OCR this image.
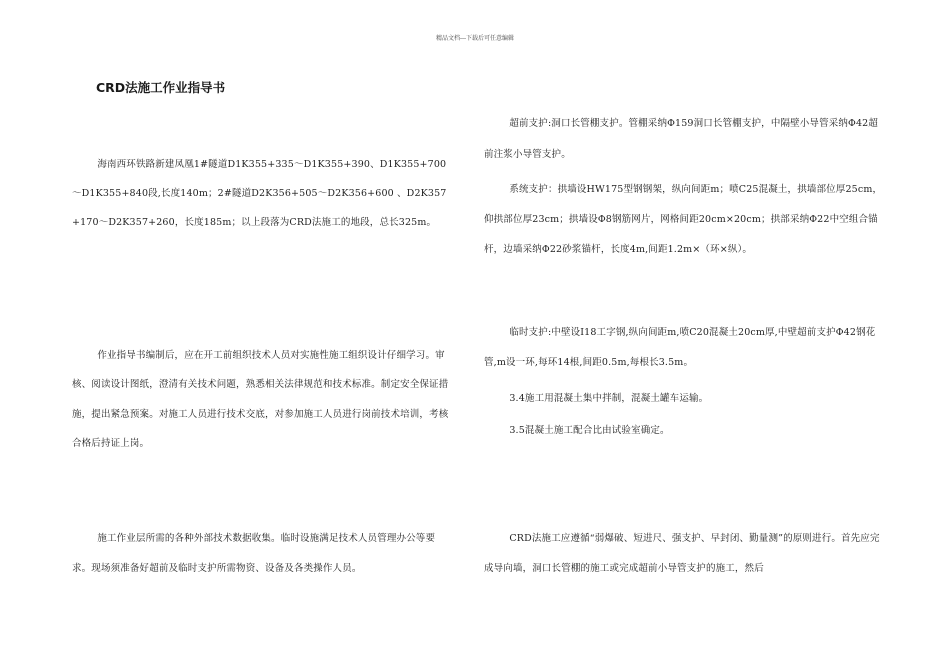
精品文档---下载后可任意编辑
CRD法施工作业指导书

海南西环铁路新建凤凰1#隧道D1K355+335～D1K355+390、D1K355+700～D1K355+840段,长度140m；2#隧道D2K356+505～D2K356+600 、D2K357+170～D2K357+260，长度185m；以上段落为CRD法施工的地段，总长325m。

作业指导书编制后，应在开工前组织技术人员对实施性施工组织设计仔细学习。审核、阅读设计图纸，澄清有关技术问题，熟悉相关法律规范和技术标准。制定安全保证措施，提出紧急预案。对施工人员进行技术交底，对参加施工人员进行岗前技术培训，考核合格后持证上岗。

施工作业层所需的各种外部技术数据收集。临时设施满足技术人员管理办公等要求。现场须准备好超前及临时支护所需物资、设备及各类操作人员。

超前支护:洞口长管棚支护。管棚采纳Φ159洞口长管棚支护，中隔壁小导管采纳Φ42超前注浆小导管支护。

系统支护：拱墙设HW175型钢钢架，纵向间距m；喷C25混凝土，拱墙部位厚25cm，仰拱部位厚23cm；拱墙设Φ8钢筋网片，网格间距20cm×20cm；拱部采纳Φ22中空组合锚杆，边墙采纳Φ22砂浆锚杆，长度4m,间距1.2m×（环×纵）。

临时支护:中壁设I18工字钢,纵向间距m,喷C20混凝土20cm厚,中壁超前支护Φ42钢花管,m设一环,每环14根,间距0.5m,每根长3.5m。

3.4施工用混凝土集中拌制，混凝土罐车运输。

3.5混凝土施工配合比由试验室确定。

CRD法施工应遵循“弱爆破、短进尺、强支护、早封闭、勤量测”的原则进行。首先应完成导向墙，洞口长管棚的施工或完成超前小导管支护的施工，然后
